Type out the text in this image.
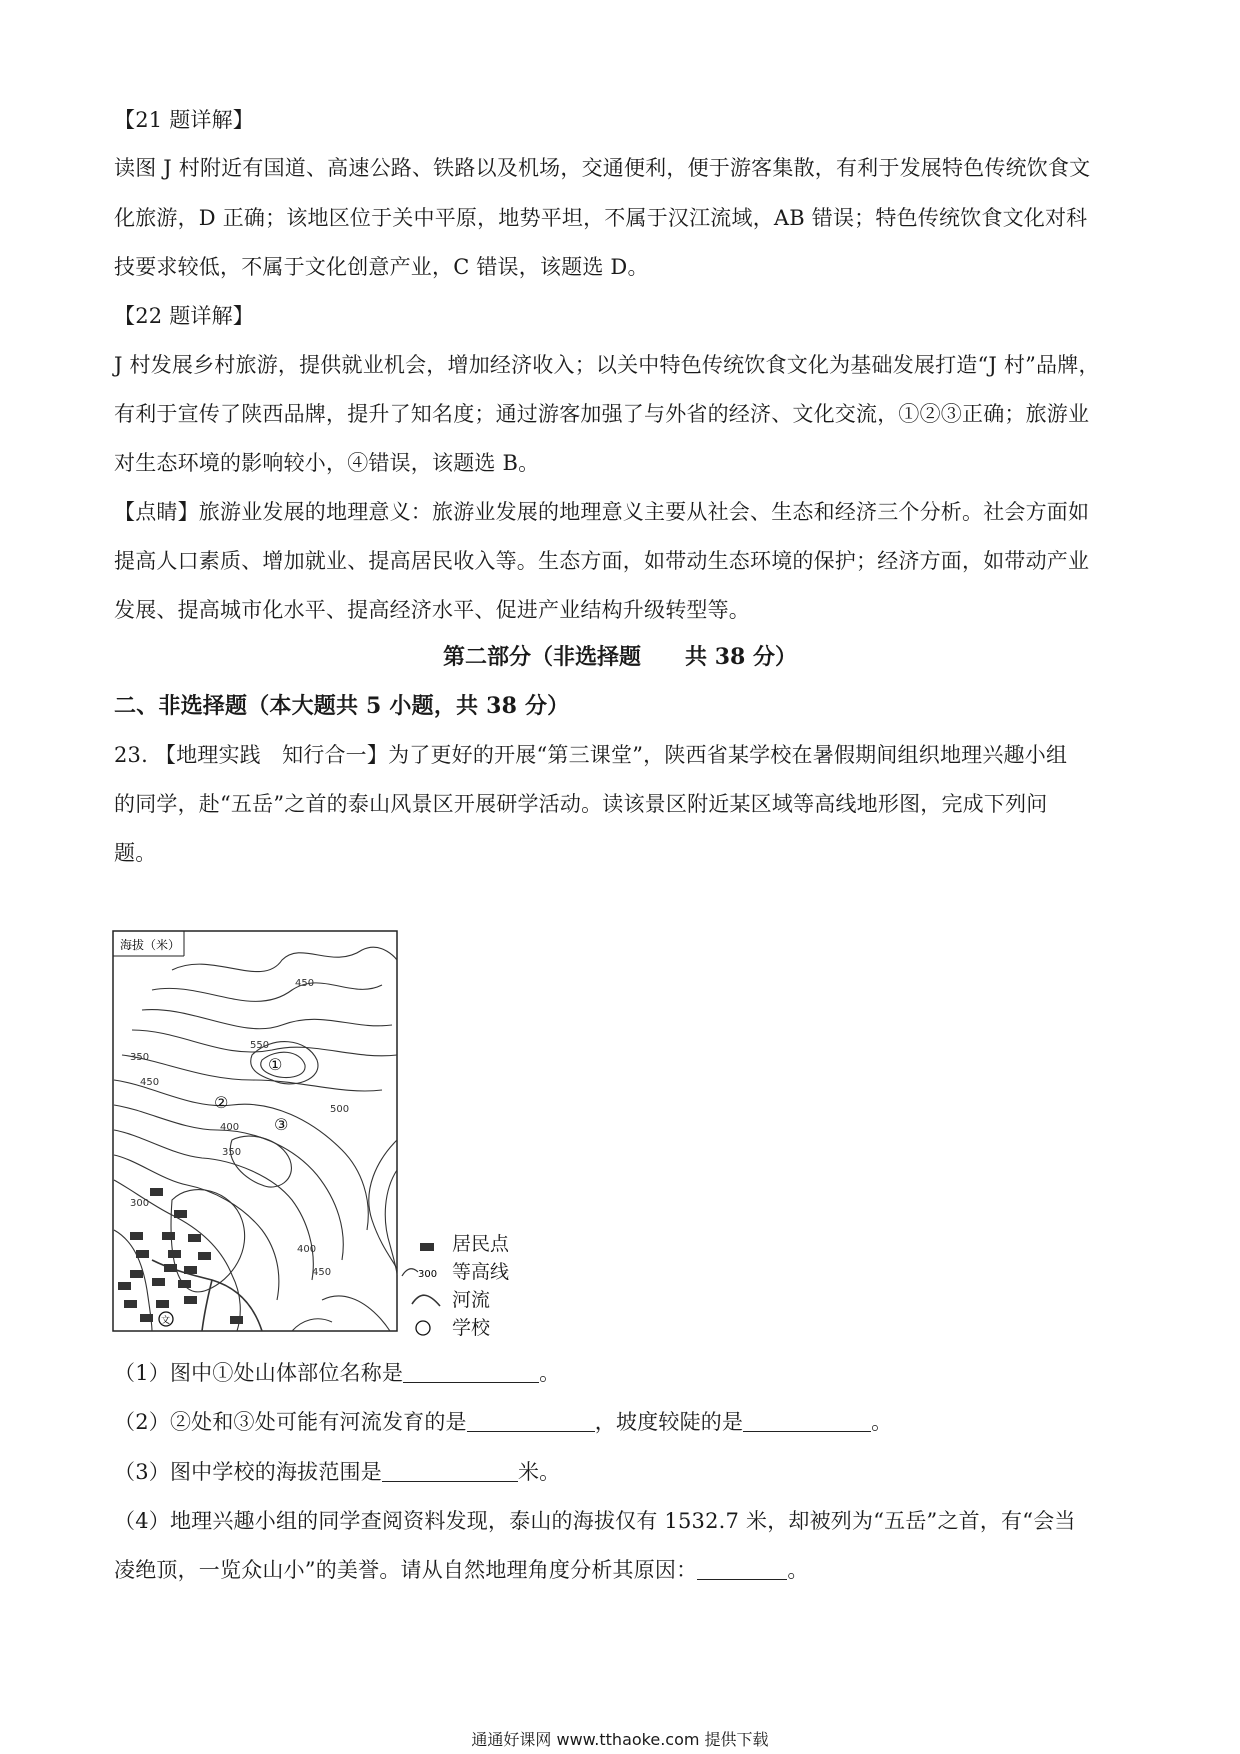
【21 题详解】
读图 J 村附近有国道、高速公路、铁路以及机场，交通便利，便于游客集散，有利于发展特色传统饮食文
化旅游，D 正确；该地区位于关中平原，地势平坦，不属于汉江流域，AB 错误；特色传统饮食文化对科
技要求较低，不属于文化创意产业，C 错误，该题选 D。
【22 题详解】
J 村发展乡村旅游，提供就业机会，增加经济收入；以关中特色传统饮食文化为基础发展打造“J 村”品牌，
有利于宣传了陕西品牌，提升了知名度；通过游客加强了与外省的经济、文化交流，①②③正确；旅游业
对生态环境的影响较小，④错误，该题选 B。
【点睛】旅游业发展的地理意义：旅游业发展的地理意义主要从社会、生态和经济三个分析。社会方面如
提高人口素质、增加就业、提高居民收入等。生态方面，如带动生态环境的保护；经济方面，如带动产业
发展、提高城市化水平、提高经济水平、促进产业结构升级转型等。
第二部分（非选择题　　共 38 分）
二、非选择题（本大题共 5 小题，共 38 分）
23. 【地理实践　知行合一】为了更好的开展“第三课堂”，陕西省某学校在暑假期间组织地理兴趣小组
的同学，赴“五岳”之首的泰山风景区开展研学活动。读该景区附近某区域等高线地形图，完成下列问
题。
海拔（米）
450
550
350
450
500
400
350
300
400
450
①
②
③
文
居民点
300 等高线
河流
学校
（1）图中①处山体部位名称是	。
（2）②处和③处可能有河流发育的是	，坡度较陡的是	。
（3）图中学校的海拔范围是	米。
（4）地理兴趣小组的同学查阅资料发现，泰山的海拔仅有 1532.7 米，却被列为“五岳”之首，有“会当
凌绝顶，一览众山小”的美誉。请从自然地理角度分析其原因：	。
通通好课网 www.tthaoke.com 提供下载
